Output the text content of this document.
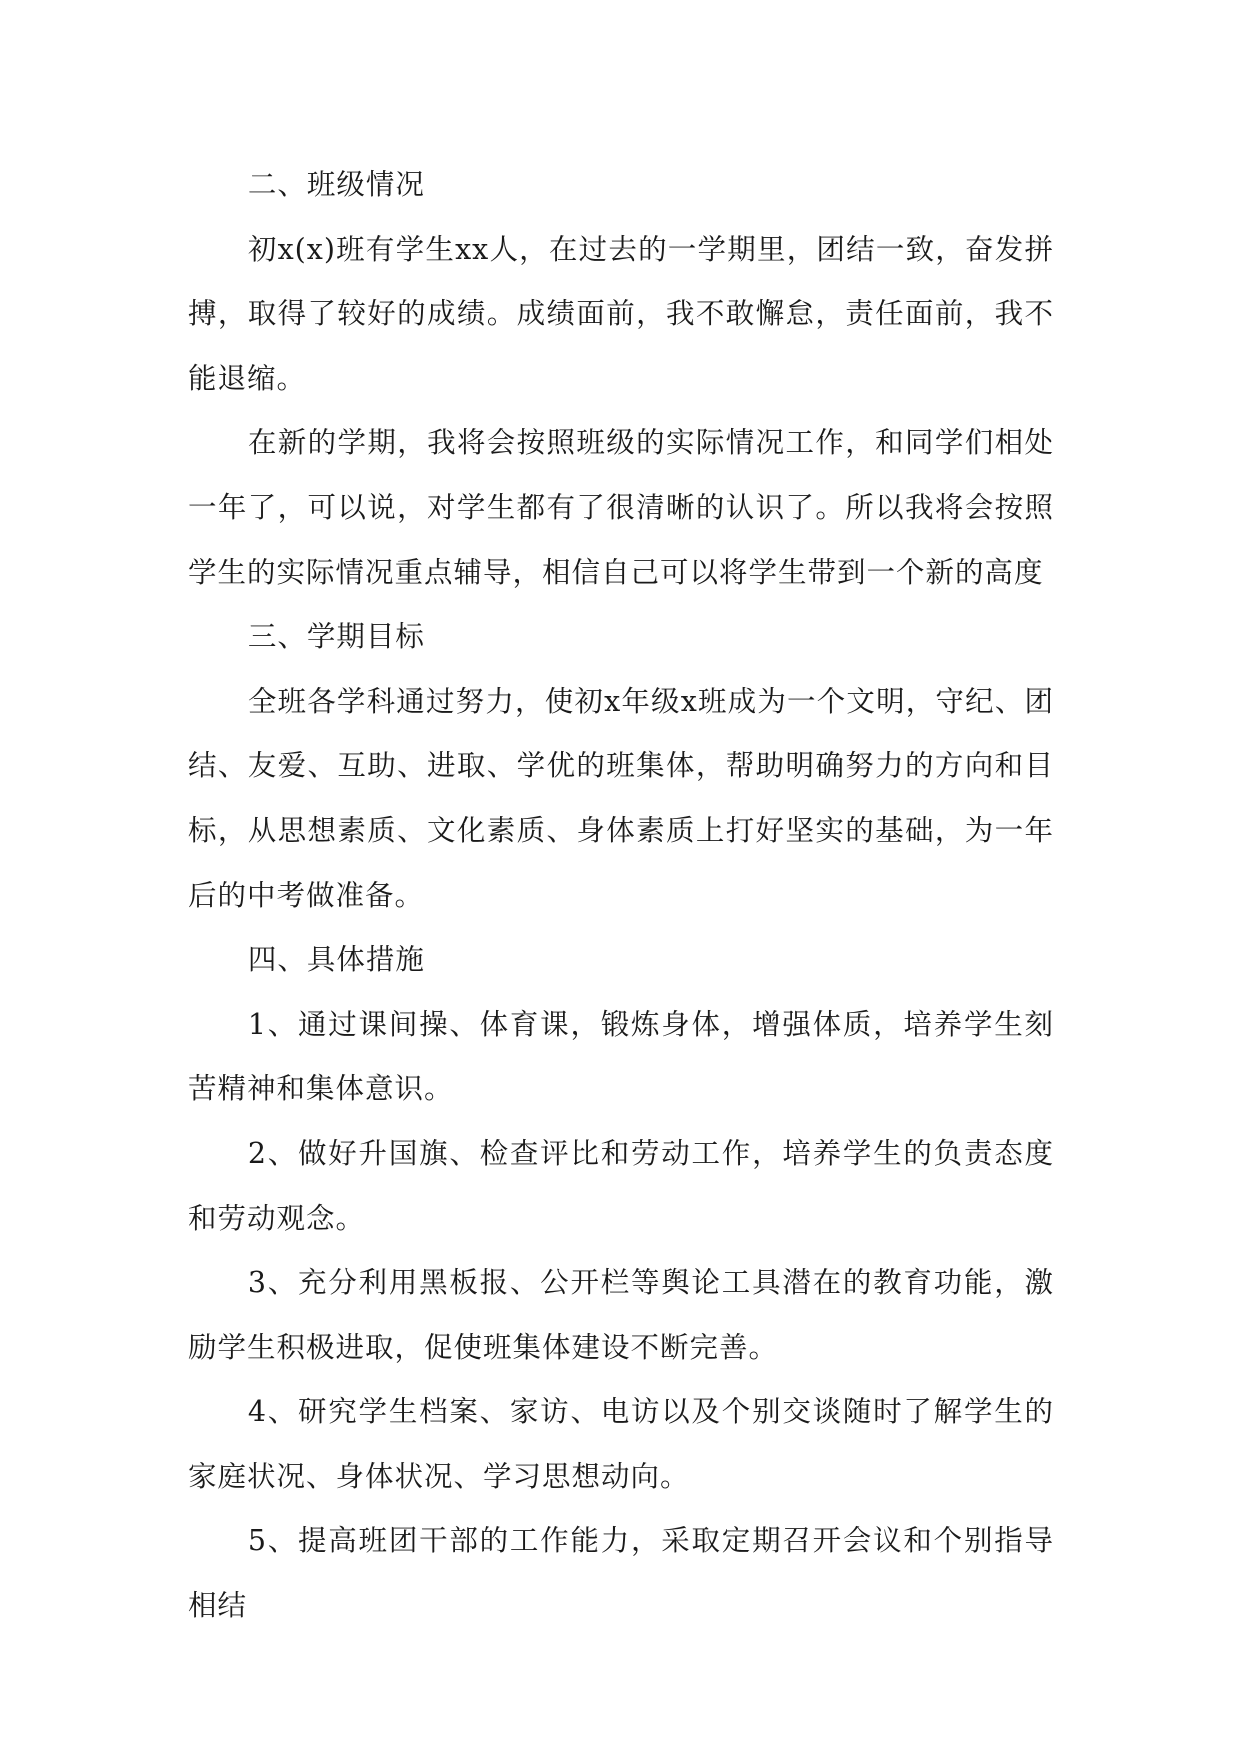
二、班级情况

初x(x)班有学生xx人，在过去的一学期里，团结一致，奋发拼搏，取得了较好的成绩。成绩面前，我不敢懈怠，责任面前，我不能退缩。

在新的学期，我将会按照班级的实际情况工作，和同学们相处一年了，可以说，对学生都有了很清晰的认识了。所以我将会按照学生的实际情况重点辅导，相信自己可以将学生带到一个新的高度

三、学期目标

全班各学科通过努力，使初x年级x班成为一个文明，守纪、团结、友爱、互助、进取、学优的班集体，帮助明确努力的方向和目标，从思想素质、文化素质、身体素质上打好坚实的基础，为一年后的中考做准备。

四、具体措施

1、通过课间操、体育课，锻炼身体，增强体质，培养学生刻苦精神和集体意识。

2、做好升国旗、检查评比和劳动工作，培养学生的负责态度和劳动观念。

3、充分利用黑板报、公开栏等舆论工具潜在的教育功能，激励学生积极进取，促使班集体建设不断完善。

4、研究学生档案、家访、电访以及个别交谈随时了解学生的家庭状况、身体状况、学习思想动向。

5、提高班团干部的工作能力，采取定期召开会议和个别指导相结
